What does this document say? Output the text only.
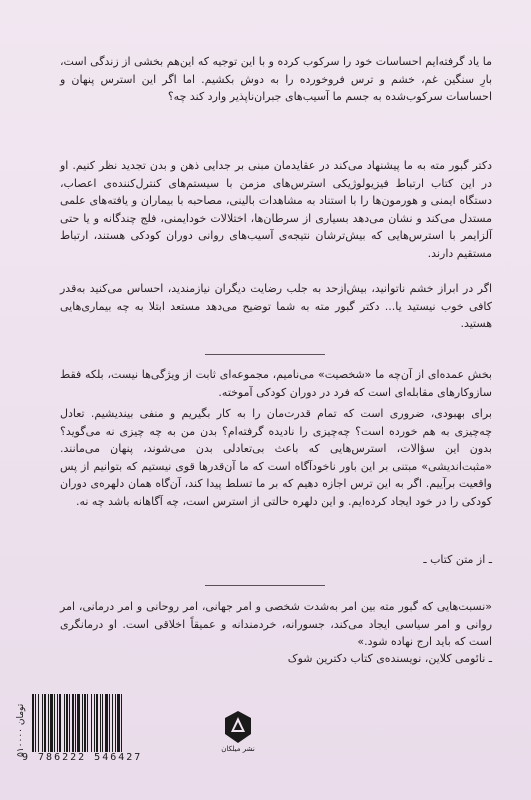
ما یاد گرفته‌ایم احساسات خود را سرکوب کرده و با این توجیه که این‌هم بخشی از زندگی است، بارِ سنگین غم، خشم و ترس فروخورده را به دوش بکشیم. اما اگر این استرس پنهان و احساسات سرکوب‌شده به جسم ما آسیب‌های جبران‌ناپذیر وارد کند چه؟

دکتر گبور مته به ما پیشنهاد می‌کند در عقایدمان مبنی بر جدایی ذهن و بدن تجدید نظر کنیم. او در این کتاب ارتباط فیزیولوژیکی استرس‌های مزمن با سیستم‌های کنترل‌کننده‌ی اعصاب، دستگاه ایمنی و هورمون‌ها را با استناد به مشاهدات بالینی، مصاحبه با بیماران و یافته‌های علمی مستدل می‌کند و نشان می‌دهد بسیاری از سرطان‌ها، اختلالات خودایمنی، فلج چندگانه و یا حتی آلزایمر با استرس‌هایی که بیش‌ترشان نتیجه‌ی آسیب‌های روانی دوران کودکی هستند، ارتباط مستقیم دارند.

اگر در ابراز خشم ناتوانید، بیش‌ازحد به جلب رضایت دیگران نیازمندید، احساس می‌کنید به‌قدر کافی خوب نیستید یا... دکتر گبور مته به شما توضیح می‌دهد مستعد ابتلا به چه بیماری‌هایی هستید.

بخش عمده‌ای از آن‌چه ما «شخصیت» می‌نامیم، مجموعه‌ای ثابت از ویژگی‌ها نیست، بلکه فقط سازوکارهای مقابله‌ای است که فرد در دوران کودکی آموخته.

برای بهبودی، ضروری است که تمام قدرت‌مان را به کار بگیریم و منفی بیندیشیم. تعادل چه‌چیزی به هم خورده است؟ چه‌چیزی را نادیده گرفته‌ام؟ بدن من به چه چیزی نه می‌گوید؟ بدون این سؤالات، استرس‌هایی که باعث بی‌تعادلی بدن می‌شوند، پنهان می‌مانند. «مثبت‌اندیشی» مبتنی بر این باور ناخودآگاه است که ما آن‌قدرها قوی نیستیم که بتوانیم از پس واقعیت برآییم. اگر به این ترس اجازه دهیم که بر ما تسلط پیدا کند، آن‌گاه همان دلهره‌ی دوران کودکی را در خود ایجاد کرده‌ایم. و این دلهره حالتی از استرس است، چه آگاهانه باشد چه نه.

ـ از متن کتاب ـ

«نسبت‌هایی که گبور مته بین امر به‌شدت شخصی و امر جهانی، امر روحانی و امر درمانی، امر روانی و امر سیاسی ایجاد می‌کند، جسورانه، خردمندانه و عمیقاً اخلاقی است. او درمانگری است که باید ارج نهاده شود.»

ـ نائومی کلاین، نویسنده‌ی کتاب دکترین شوک
۵۱۰۰۰۰ تومان
9 786222 546427
نشر میلکان
